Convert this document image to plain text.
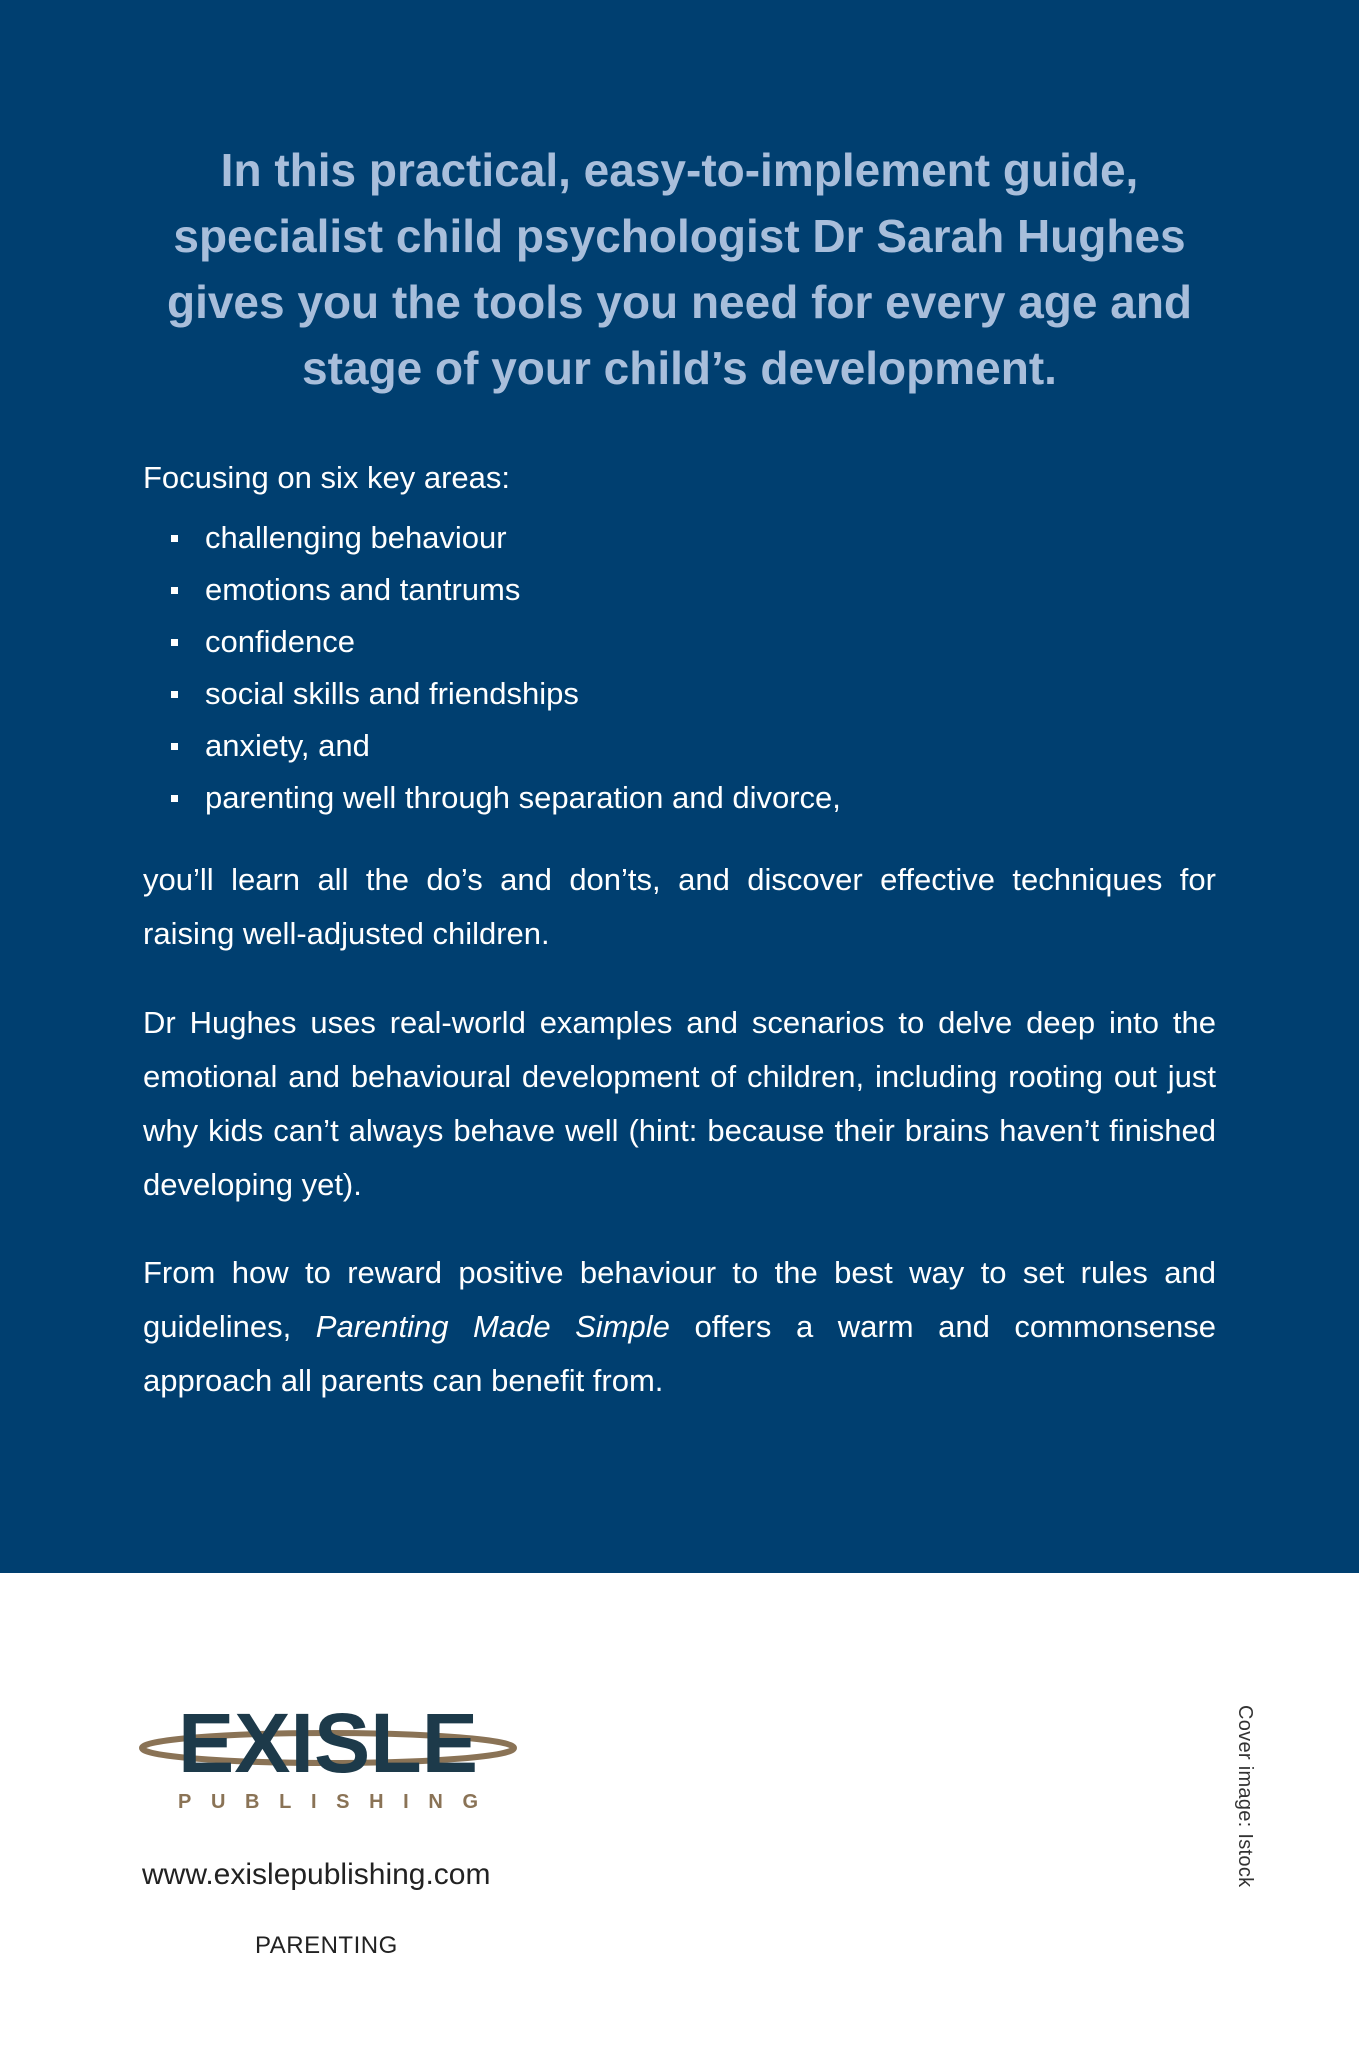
In this practical, easy-to-implement guide, specialist child psychologist Dr Sarah Hughes gives you the tools you need for every age and stage of your child’s development.

Focusing on six key areas:

challenging behaviour
emotions and tantrums
confidence
social skills and friendships
anxiety, and
parenting well through separation and divorce,

you’ll learn all the do’s and don’ts, and discover effective techniques for raising well-adjusted children.

Dr Hughes uses real-world examples and scenarios to delve deep into the emotional and behavioural development of children, including rooting out just why kids can’t always behave well (hint: because their brains haven’t finished developing yet).

From how to reward positive behaviour to the best way to set rules and guidelines, Parenting Made Simple offers a warm and commonsense approach all parents can benefit from.

EXISLE
PUBLISHING
www.exislepublishing.com
PARENTING
Cover image: Istock
